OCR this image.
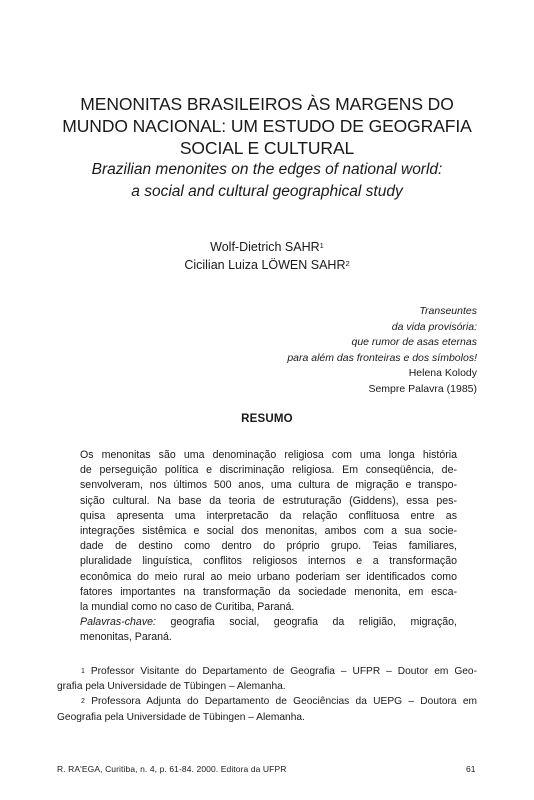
MENONITAS BRASILEIROS ÀS MARGENS DO
MUNDO NACIONAL: UM ESTUDO DE GEOGRAFIA
SOCIAL E CULTURAL
Brazilian menonites on the edges of national world:
a social and cultural geographical study
Wolf-Dietrich SAHR$^1$
Cicilian Luiza LÖWEN SAHR$^2$
Transeuntes
da vida provisória:
que rumor de asas eternas
para além das fronteiras e dos símbolos!
Helena Kolody
Sempre Palavra (1985)
RESUMO
Os menonitas são uma denominação religiosa com uma longa história
de perseguição política e discriminação religiosa. Em conseqüência, de-
senvolveram, nos últimos 500 anos, uma cultura de migração e transpo-
sição cultural. Na base da teoria de estruturação (Giddens), essa pes-
quisa apresenta uma interpretacão da relação conflituosa entre as
integrações sistêmica e social dos menonitas, ambos com a sua socie-
dade de destino como dentro do próprio grupo. Teias familiares,
pluralidade linguística, conflitos religiosos internos e a transformação
econômica do meio rural ao meio urbano poderiam ser identificados como
fatores importantes na transformação da sociedade menonita, em esca-
la mundial como no caso de Curitiba, Paraná.
Palavras-chave: geografia social, geografia da religião, migração,
menonitas, Paraná.
$^1$ Professor Visitante do Departamento de Geografia – UFPR – Doutor em Geo-
grafia pela Universidade de Tübingen – Alemanha.
$^2$ Professora Adjunta do Departamento de Geociências da UEPG – Doutora em
Geografia pela Universidade de Tübingen – Alemanha.
R. RA'EGA, Curitiba, n. 4, p. 61-84. 2000. Editora da UFPR	61
